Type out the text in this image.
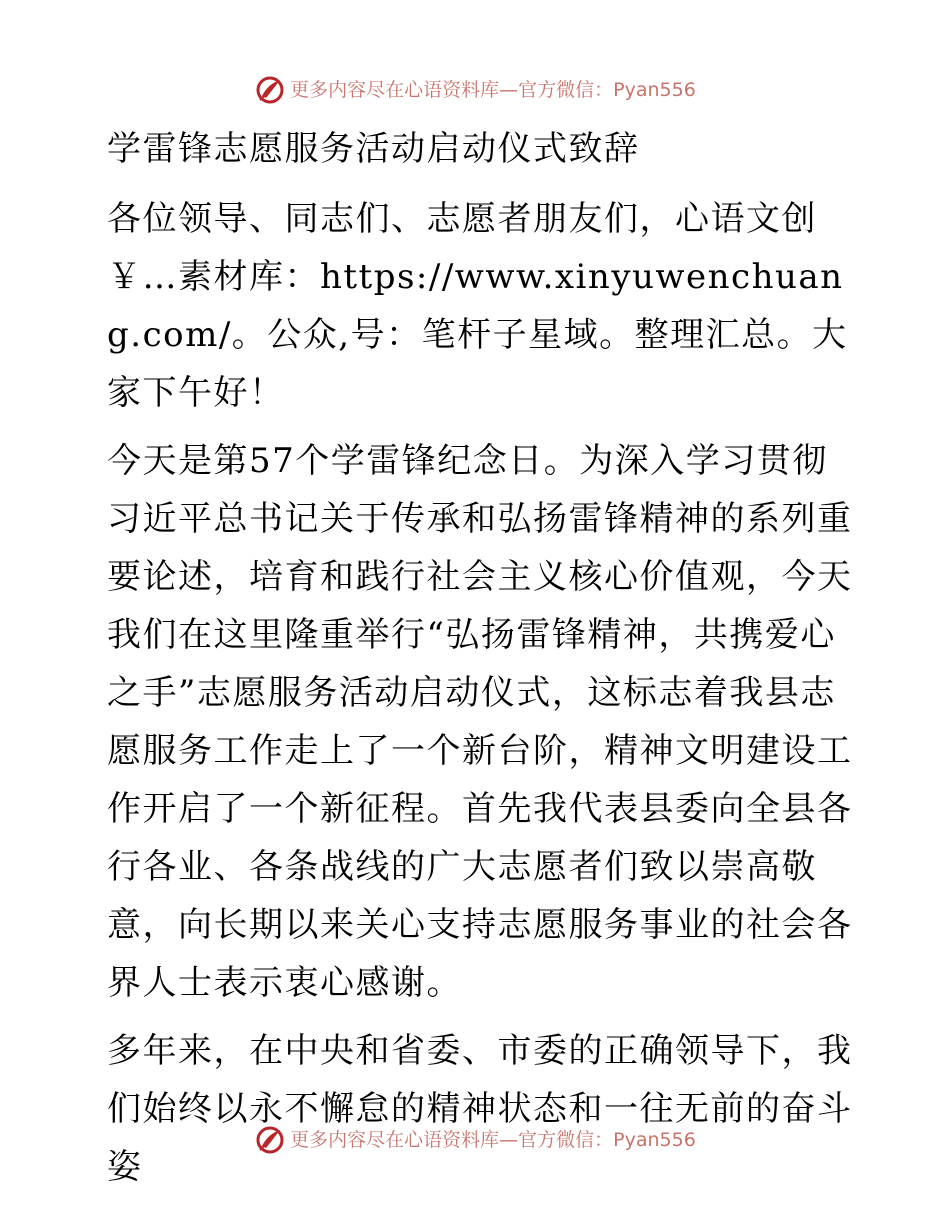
更多内容尽在心语资料库—官方微信： Pyan556

学雷锋志愿服务活动启动仪式致辞

各位领导、同志们、志愿者朋友们，心语文创￥…素材库：https://www.xinyuwenchuang.com/。公众,号：笔杆子星域。整理汇总。大家下午好！

今天是第57个学雷锋纪念日。为深入学习贯彻习近平总书记关于传承和弘扬雷锋精神的系列重要论述，培育和践行社会主义核心价值观，今天我们在这里隆重举行“弘扬雷锋精神，共携爱心之手”志愿服务活动启动仪式，这标志着我县志愿服务工作走上了一个新台阶，精神文明建设工作开启了一个新征程。首先我代表县委向全县各行各业、各条战线的广大志愿者们致以崇高敬意，向长期以来关心支持志愿服务事业的社会各界人士表示衷心感谢。

多年来，在中央和省委、市委的正确领导下，我们始终以永不懈怠的精神状态和一往无前的奋斗姿

更多内容尽在心语资料库—官方微信： Pyan556
